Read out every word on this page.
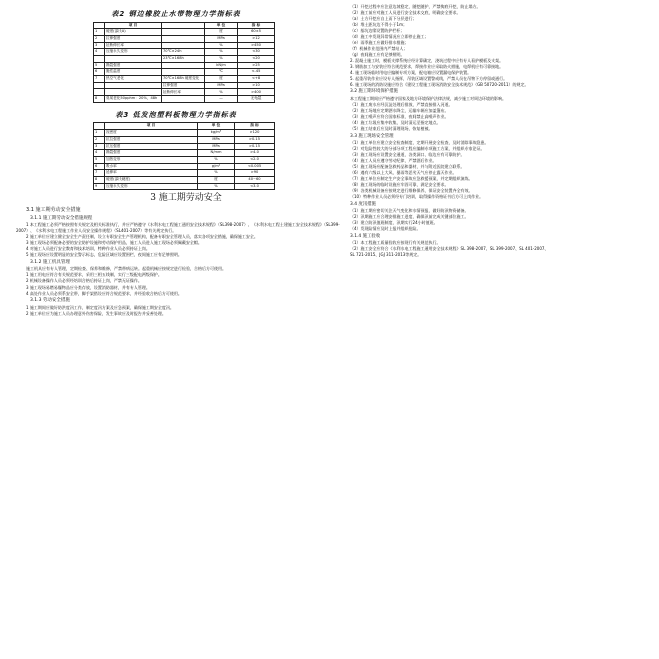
表2 钢边橡胶止水带物理力学指标表
	项 目		单 位	指 标
1	硬度(邵氏A)		度	60±5
2	拉伸强度		MPa	>12
3	扯断伸长率		%	>450
4	压缩永久变形	70℃×24h	%	<30
		23℃×168h	%	<20
5	撕裂强度		kN/m	>25
6	脆性温度		℃	<-45
7	热空气老化	70℃×168h 硬度变化	度	<+8
		拉伸强度	MPa	>10
		扯断伸长率	%	>400
8	臭氧老化50pphm：20%，48h		—	无龟裂
表3 低发泡塑料板物理力学指标表
	项 目	单 位	指 标
1	视密度	kg/m³	>120
2	抗拉强度	MPa	>0.15
3	抗压强度	MPa	>0.15
4	撕裂强度	N/mm	>4.0
5	加热变形	%	<2.0
6	吸水率	g/m²	<0.005
7	延伸率	%	>90
8	硬度(邵氏硬度)	度	40~60
9	压缩永久变形	%	<3.0
3 施工期劳动安全
3.1 施工期劳动安全措施
3.1.1 施工期劳动安全措施规程
1 本工程施工必须严格按照有关规定及相关标准执行，并应严格遵守《水利水电工程施工通用安全技术规程》（SL398-2007）、《水利水电工程土建施工安全技术规程》（SL399-2007）、《水利水电工程施工作业人员安全操作规程》（SL401-2007）等有关规定执行。
2 施工单位应建立健全安全生产责任制，设立专职安全生产管理机构，配备专职安全管理人员，落实各项安全措施，确保施工安全。
3 施工现场必须配备必要的安全防护设施和劳动保护用品，施工人员进入施工现场必须佩戴安全帽。
4 对施工人员进行安全教育和技术培训，特种作业人员必须持证上岗。
5 施工现场应设置明显的安全警示标志，危险区域应设置围栏，夜间施工应有足够照明。
3.1.2 施工机具管理
施工机具应有专人管理，定期检查、保养和维修，严禁带病运转。起重机械应按规定进行检验，合格后方可使用。
1 施工用电应符合有关规范要求，采用三相五线制，实行三级配电两级保护。
2 机械设备操作人员必须经培训合格后持证上岗，严禁无证操作。
3 施工现场易燃易爆物品应分类存放，设置消防器材，并有专人管理。
4 高处作业人员必须系安全带，脚手架搭设应符合规范要求，并经验收合格后方可使用。
3.1.3 劳动安全措施
1 施工期间应做好防洪度汛工作，制定度汛方案及应急预案，确保施工期安全度汛。
2 施工单位应为施工人员办理意外伤害保险，发生事故应及时报告并妥善处理。
（1）开挖过程中应注意边坡稳定，随挖随护，严禁掏底开挖，防止塌方。
（2）施工前应对施工人员进行安全技术交底，明确安全要求。
（a）土方开挖应自上而下分层进行；
（b）堆土距坑边不得小于1m；
（c）基坑边缘设置防护栏杆；
（d）施工中发现异常情况应立即停止施工；
（e）雨季施工应做好排水措施；
（f）机械作业范围内严禁站人；
（g）夜间施工应有足够照明。
2. 混凝土施工时，模板支撑系统应经计算确定，浇筑过程中应有专人看护模板及支架。
3. 钢筋加工与安装应符合规范要求，焊接作业应采取防火措施，电焊机应有可靠接地。
4. 施工现场临时用电应编制专项方案，配电箱应设置漏电保护装置。
5. 起重吊装作业应设专人指挥，吊装区域设置警戒线，严禁人员在吊物下方停留或通行。
6. 施工现场的消防设施应符合《建设工程施工现场消防安全技术规范》（GB 50720-2011）的规定。
3.2 施工期环境保护措施
本工程施工期间应严格遵守国家及地方环境保护法律法规，减少施工对周边环境的影响。
（1）施工废水应经沉淀处理后排放，严禁直接排入河道。
（2）施工场地应定期洒水降尘，运输车辆应加盖篷布。
（3）施工噪声应符合国家标准，夜间禁止高噪声作业。
（4）施工垃圾应集中收集，及时清运至指定地点。
（5）施工结束后应及时清理现场，恢复植被。
3.3 施工现场安全管理
（1）施工单位应建立安全检查制度，定期开展安全检查，及时消除事故隐患。
（2）对危险性较大的分部分项工程应编制专项施工方案，并组织专家论证。
（3）施工现场应设置安全通道，各类洞口、临边应有可靠防护。
（4）施工人员应遵守劳动纪律，严禁酒后作业。
（5）施工现场应配备急救药品和器材，并与附近医院建立联系。
（6）遇有六级以上大风、暴雨等恶劣天气应停止露天作业。
（7）施工单位应制定生产安全事故应急救援预案，并定期组织演练。
（8）施工现场的临时设施应牢固可靠，满足安全要求。
（9）各类机械设备应按规定进行维修保养，保证安全装置齐全有效。
（10）特种作业人员必须经专门培训，取得操作资格证书后方可上岗作业。
3.4 度汛措施
（1）施工期应密切关注天气变化和水情预报，做好防汛物资储备。
（2）汛期施工应合理安排施工进度，确保汛前完成关键部位施工。
（3）建立防汛值班制度，汛期实行24小时值班。
（4）发现险情应及时上报并组织抢险。
3.1.4 施工验收
（1）本工程施工质量验收应按现行有关规范执行。
（2）施工安全应符合《水利水电工程施工通用安全技术规程》SL 398-2007、SL 399-2007、SL 401-2007、
SL 721-2015、JGJ 311-2013等规定。
